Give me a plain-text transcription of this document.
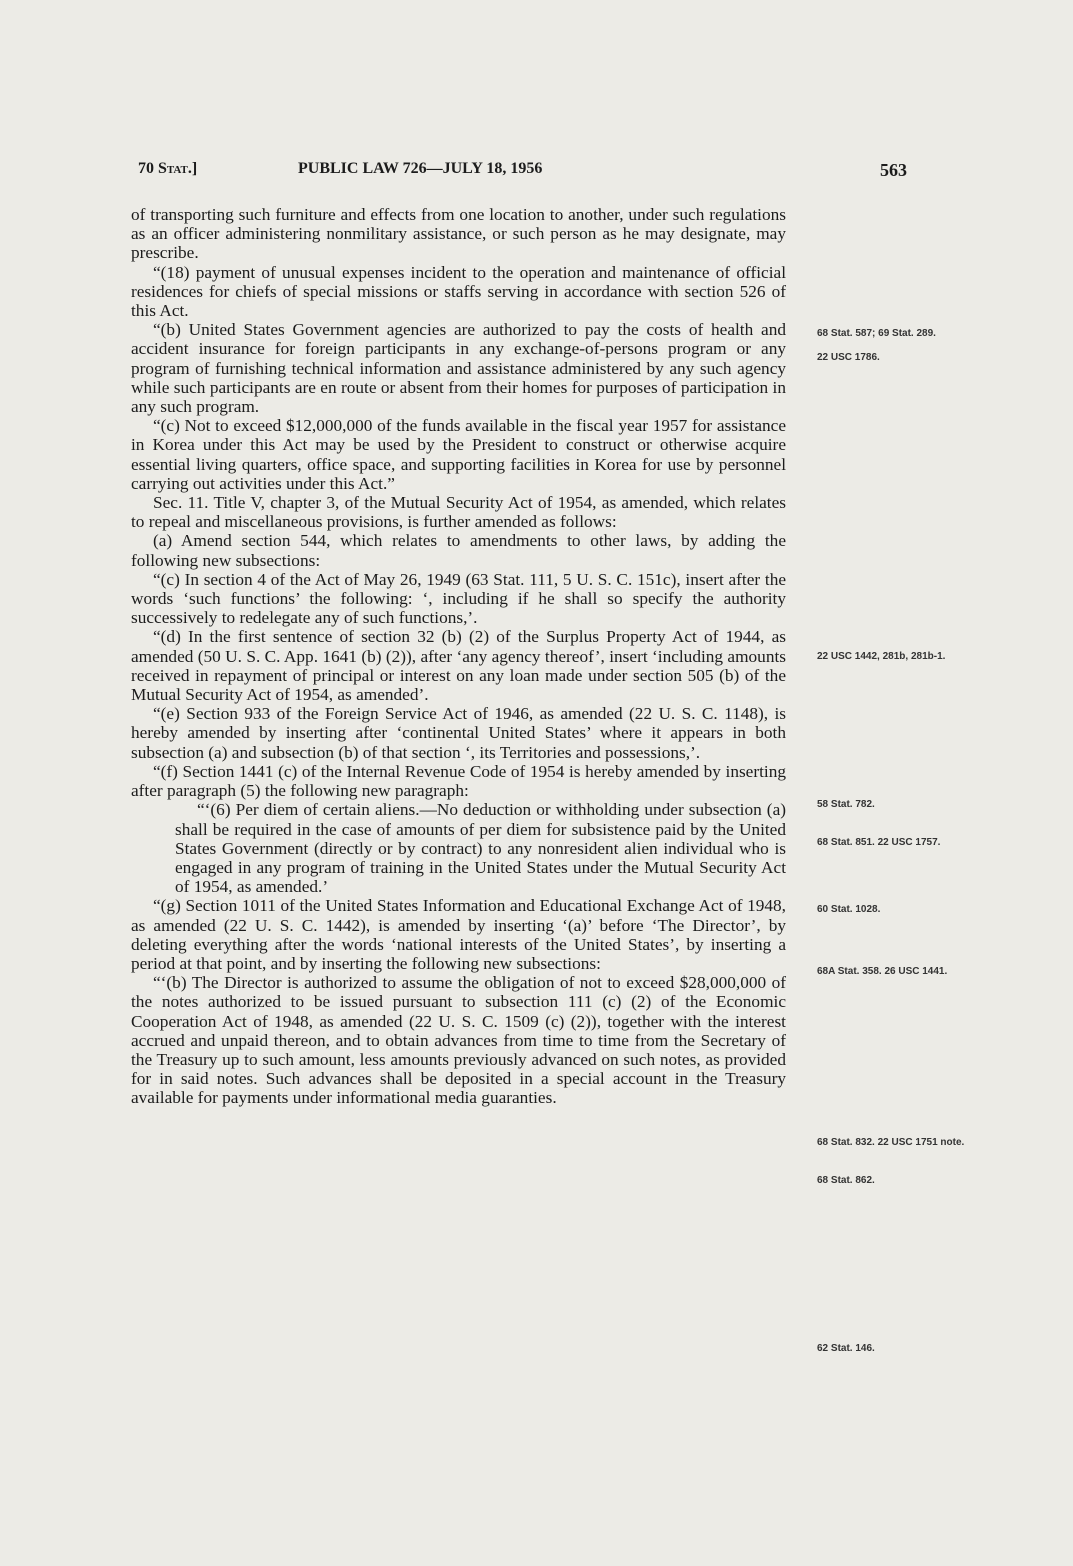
70 Stat.]	PUBLIC LAW 726—JULY 18, 1956	563

of transporting such furniture and effects from one location to another, under such regulations as an officer administering nonmilitary assistance, or such person as he may designate, may prescribe.

“(18) payment of unusual expenses incident to the operation and maintenance of official residences for chiefs of special missions or staffs serving in accordance with section 526 of this Act.

“(b) United States Government agencies are authorized to pay the costs of health and accident insurance for foreign participants in any exchange-of-persons program or any program of furnishing technical information and assistance administered by any such agency while such participants are en route or absent from their homes for purposes of participation in any such program.

“(c) Not to exceed $12,000,000 of the funds available in the fiscal year 1957 for assistance in Korea under this Act may be used by the President to construct or otherwise acquire essential living quarters, office space, and supporting facilities in Korea for use by personnel carrying out activities under this Act.”

Sec. 11. Title V, chapter 3, of the Mutual Security Act of 1954, as amended, which relates to repeal and miscellaneous provisions, is further amended as follows:

(a) Amend section 544, which relates to amendments to other laws, by adding the following new subsections:

“(c) In section 4 of the Act of May 26, 1949 (63 Stat. 111, 5 U. S. C. 151c), insert after the words ‘such functions’ the following: ‘, including if he shall so specify the authority successively to redelegate any of such functions,’.

“(d) In the first sentence of section 32 (b) (2) of the Surplus Property Act of 1944, as amended (50 U. S. C. App. 1641 (b) (2)), after ‘any agency thereof’, insert ‘including amounts received in repayment of principal or interest on any loan made under section 505 (b) of the Mutual Security Act of 1954, as amended’.

“(e) Section 933 of the Foreign Service Act of 1946, as amended (22 U. S. C. 1148), is hereby amended by inserting after ‘continental United States’ where it appears in both subsection (a) and subsection (b) of that section ‘, its Territories and possessions,’.

“(f) Section 1441 (c) of the Internal Revenue Code of 1954 is hereby amended by inserting after paragraph (5) the following new paragraph:

“‘(6) Per diem of certain aliens.—No deduction or withholding under subsection (a) shall be required in the case of amounts of per diem for subsistence paid by the United States Government (directly or by contract) to any nonresident alien individual who is engaged in any program of training in the United States under the Mutual Security Act of 1954, as amended.’

“(g) Section 1011 of the United States Information and Educational Exchange Act of 1948, as amended (22 U. S. C. 1442), is amended by inserting ‘(a)’ before ‘The Director’, by deleting everything after the words ‘national interests of the United States’, by inserting a period at that point, and by inserting the following new subsections:

“‘(b) The Director is authorized to assume the obligation of not to exceed $28,000,000 of the notes authorized to be issued pursuant to subsection 111 (c) (2) of the Economic Cooperation Act of 1948, as amended (22 U. S. C. 1509 (c) (2)), together with the interest accrued and unpaid thereon, and to obtain advances from time to time from the Secretary of the Treasury up to such amount, less amounts previously advanced on such notes, as provided for in said notes. Such advances shall be deposited in a special account in the Treasury available for payments under informational media guaranties.

68 Stat. 587; 69 Stat. 289.
22 USC 1786.
22 USC 1442, 281b, 281b-1.
58 Stat. 782.
68 Stat. 851. 22 USC 1757.
60 Stat. 1028.
68A Stat. 358. 26 USC 1441.
68 Stat. 832. 22 USC 1751 note.
68 Stat. 862.
62 Stat. 146.
